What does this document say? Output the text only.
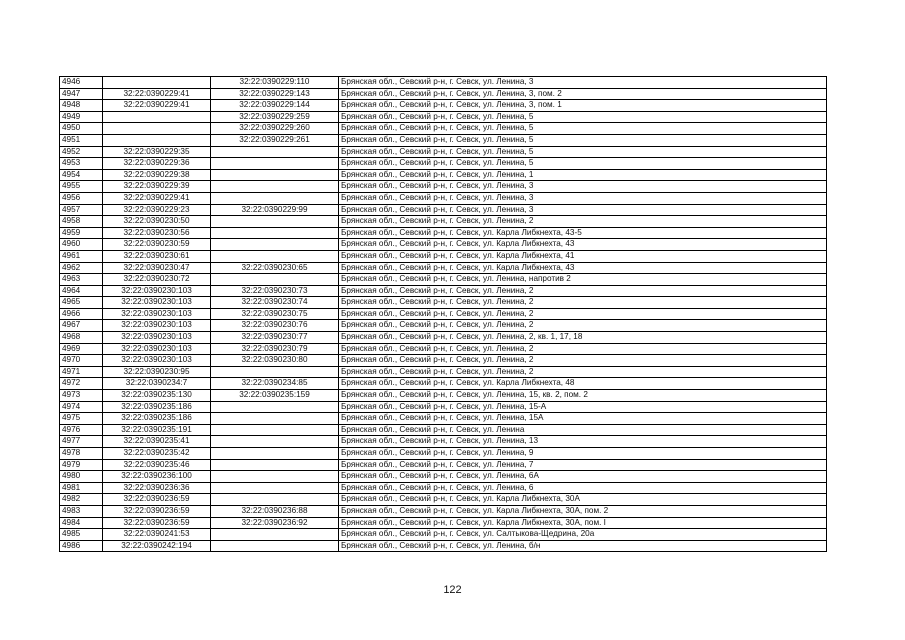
4946		32:22:0390229:110	Брянская обл., Севский р-н, г. Севск, ул. Ленина, 3
4947	32:22:0390229:41	32:22:0390229:143	Брянская обл., Севский р-н, г. Севск, ул. Ленина, 3, пом. 2
4948	32:22:0390229:41	32:22:0390229:144	Брянская обл., Севский р-н, г. Севск, ул. Ленина, 3, пом. 1
4949		32:22:0390229:259	Брянская обл., Севский р-н, г. Севск, ул. Ленина, 5
4950		32:22:0390229:260	Брянская обл., Севский р-н, г. Севск, ул. Ленина, 5
4951		32:22:0390229:261	Брянская обл., Севский р-н, г. Севск, ул. Ленина, 5
4952	32:22:0390229:35		Брянская обл., Севский р-н, г. Севск, ул. Ленина, 5
4953	32:22:0390229:36		Брянская обл., Севский р-н, г. Севск, ул. Ленина, 5
4954	32:22:0390229:38		Брянская обл., Севский р-н, г. Севск, ул. Ленина, 1
4955	32:22:0390229:39		Брянская обл., Севский р-н, г. Севск, ул. Ленина, 3
4956	32:22:0390229:41		Брянская обл., Севский р-н, г. Севск, ул. Ленина, 3
4957	32:22:0390229:23	32:22:0390229:99	Брянская обл., Севский р-н, г. Севск, ул. Ленина, 3
4958	32:22:0390230:50		Брянская обл., Севский р-н, г. Севск, ул. Ленина, 2
4959	32:22:0390230:56		Брянская обл., Севский р-н, г. Севск, ул. Карла Либкнехта, 43-5
4960	32:22:0390230:59		Брянская обл., Севский р-н, г. Севск, ул. Карла Либкнехта, 43
4961	32:22:0390230:61		Брянская обл., Севский р-н, г. Севск, ул. Карла Либкнехта, 41
4962	32:22:0390230:47	32:22:0390230:65	Брянская обл., Севский р-н, г. Севск, ул. Карла Либкнехта, 43
4963	32:22:0390230:72		Брянская обл., Севский р-н, г. Севск, ул. Ленина, напротив 2
4964	32:22:0390230:103	32:22:0390230:73	Брянская обл., Севский р-н, г. Севск, ул. Ленина, 2
4965	32:22:0390230:103	32:22:0390230:74	Брянская обл., Севский р-н, г. Севск, ул. Ленина, 2
4966	32:22:0390230:103	32:22:0390230:75	Брянская обл., Севский р-н, г. Севск, ул. Ленина, 2
4967	32:22:0390230:103	32:22:0390230:76	Брянская обл., Севский р-н, г. Севск, ул. Ленина, 2
4968	32:22:0390230:103	32:22:0390230:77	Брянская обл., Севский р-н, г. Севск, ул. Ленина, 2, кв. 1, 17, 18
4969	32:22:0390230:103	32:22:0390230:79	Брянская обл., Севский р-н, г. Севск, ул. Ленина, 2
4970	32:22:0390230:103	32:22:0390230:80	Брянская обл., Севский р-н, г. Севск, ул. Ленина, 2
4971	32:22:0390230:95		Брянская обл., Севский р-н, г. Севск, ул. Ленина, 2
4972	32:22:0390234:7	32:22:0390234:85	Брянская обл., Севский р-н, г. Севск, ул. Карла Либкнехта, 48
4973	32:22:0390235:130	32:22:0390235:159	Брянская обл., Севский р-н, г. Севск, ул. Ленина, 15, кв. 2, пом. 2
4974	32:22:0390235:186		Брянская обл., Севский р-н, г. Севск, ул. Ленина, 15-А
4975	32:22:0390235:186		Брянская обл., Севский р-н, г. Севск, ул. Ленина, 15А
4976	32:22:0390235:191		Брянская обл., Севский р-н, г. Севск, ул. Ленина
4977	32:22:0390235:41		Брянская обл., Севский р-н, г. Севск, ул. Ленина, 13
4978	32:22:0390235:42		Брянская обл., Севский р-н, г. Севск, ул. Ленина, 9
4979	32:22:0390235:46		Брянская обл., Севский р-н, г. Севск, ул. Ленина, 7
4980	32:22:0390236:100		Брянская обл., Севский р-н, г. Севск, ул. Ленина, 6А
4981	32:22:0390236:36		Брянская обл., Севский р-н, г. Севск, ул. Ленина, 6
4982	32:22:0390236:59		Брянская обл., Севский р-н, г. Севск, ул. Карла Либкнехта, 30А
4983	32:22:0390236:59	32:22:0390236:88	Брянская обл., Севский р-н, г. Севск, ул. Карла Либкнехта, 30А, пом. 2
4984	32:22:0390236:59	32:22:0390236:92	Брянская обл., Севский р-н, г. Севск, ул. Карла Либкнехта, 30А, пом. I
4985	32:22:0390241:53		Брянская обл., Севский р-н, г. Севск, ул. Салтыкова-Щедрина, 20а
4986	32:22:0390242:194		Брянская обл., Севский р-н, г. Севск, ул. Ленина, б/н
122
